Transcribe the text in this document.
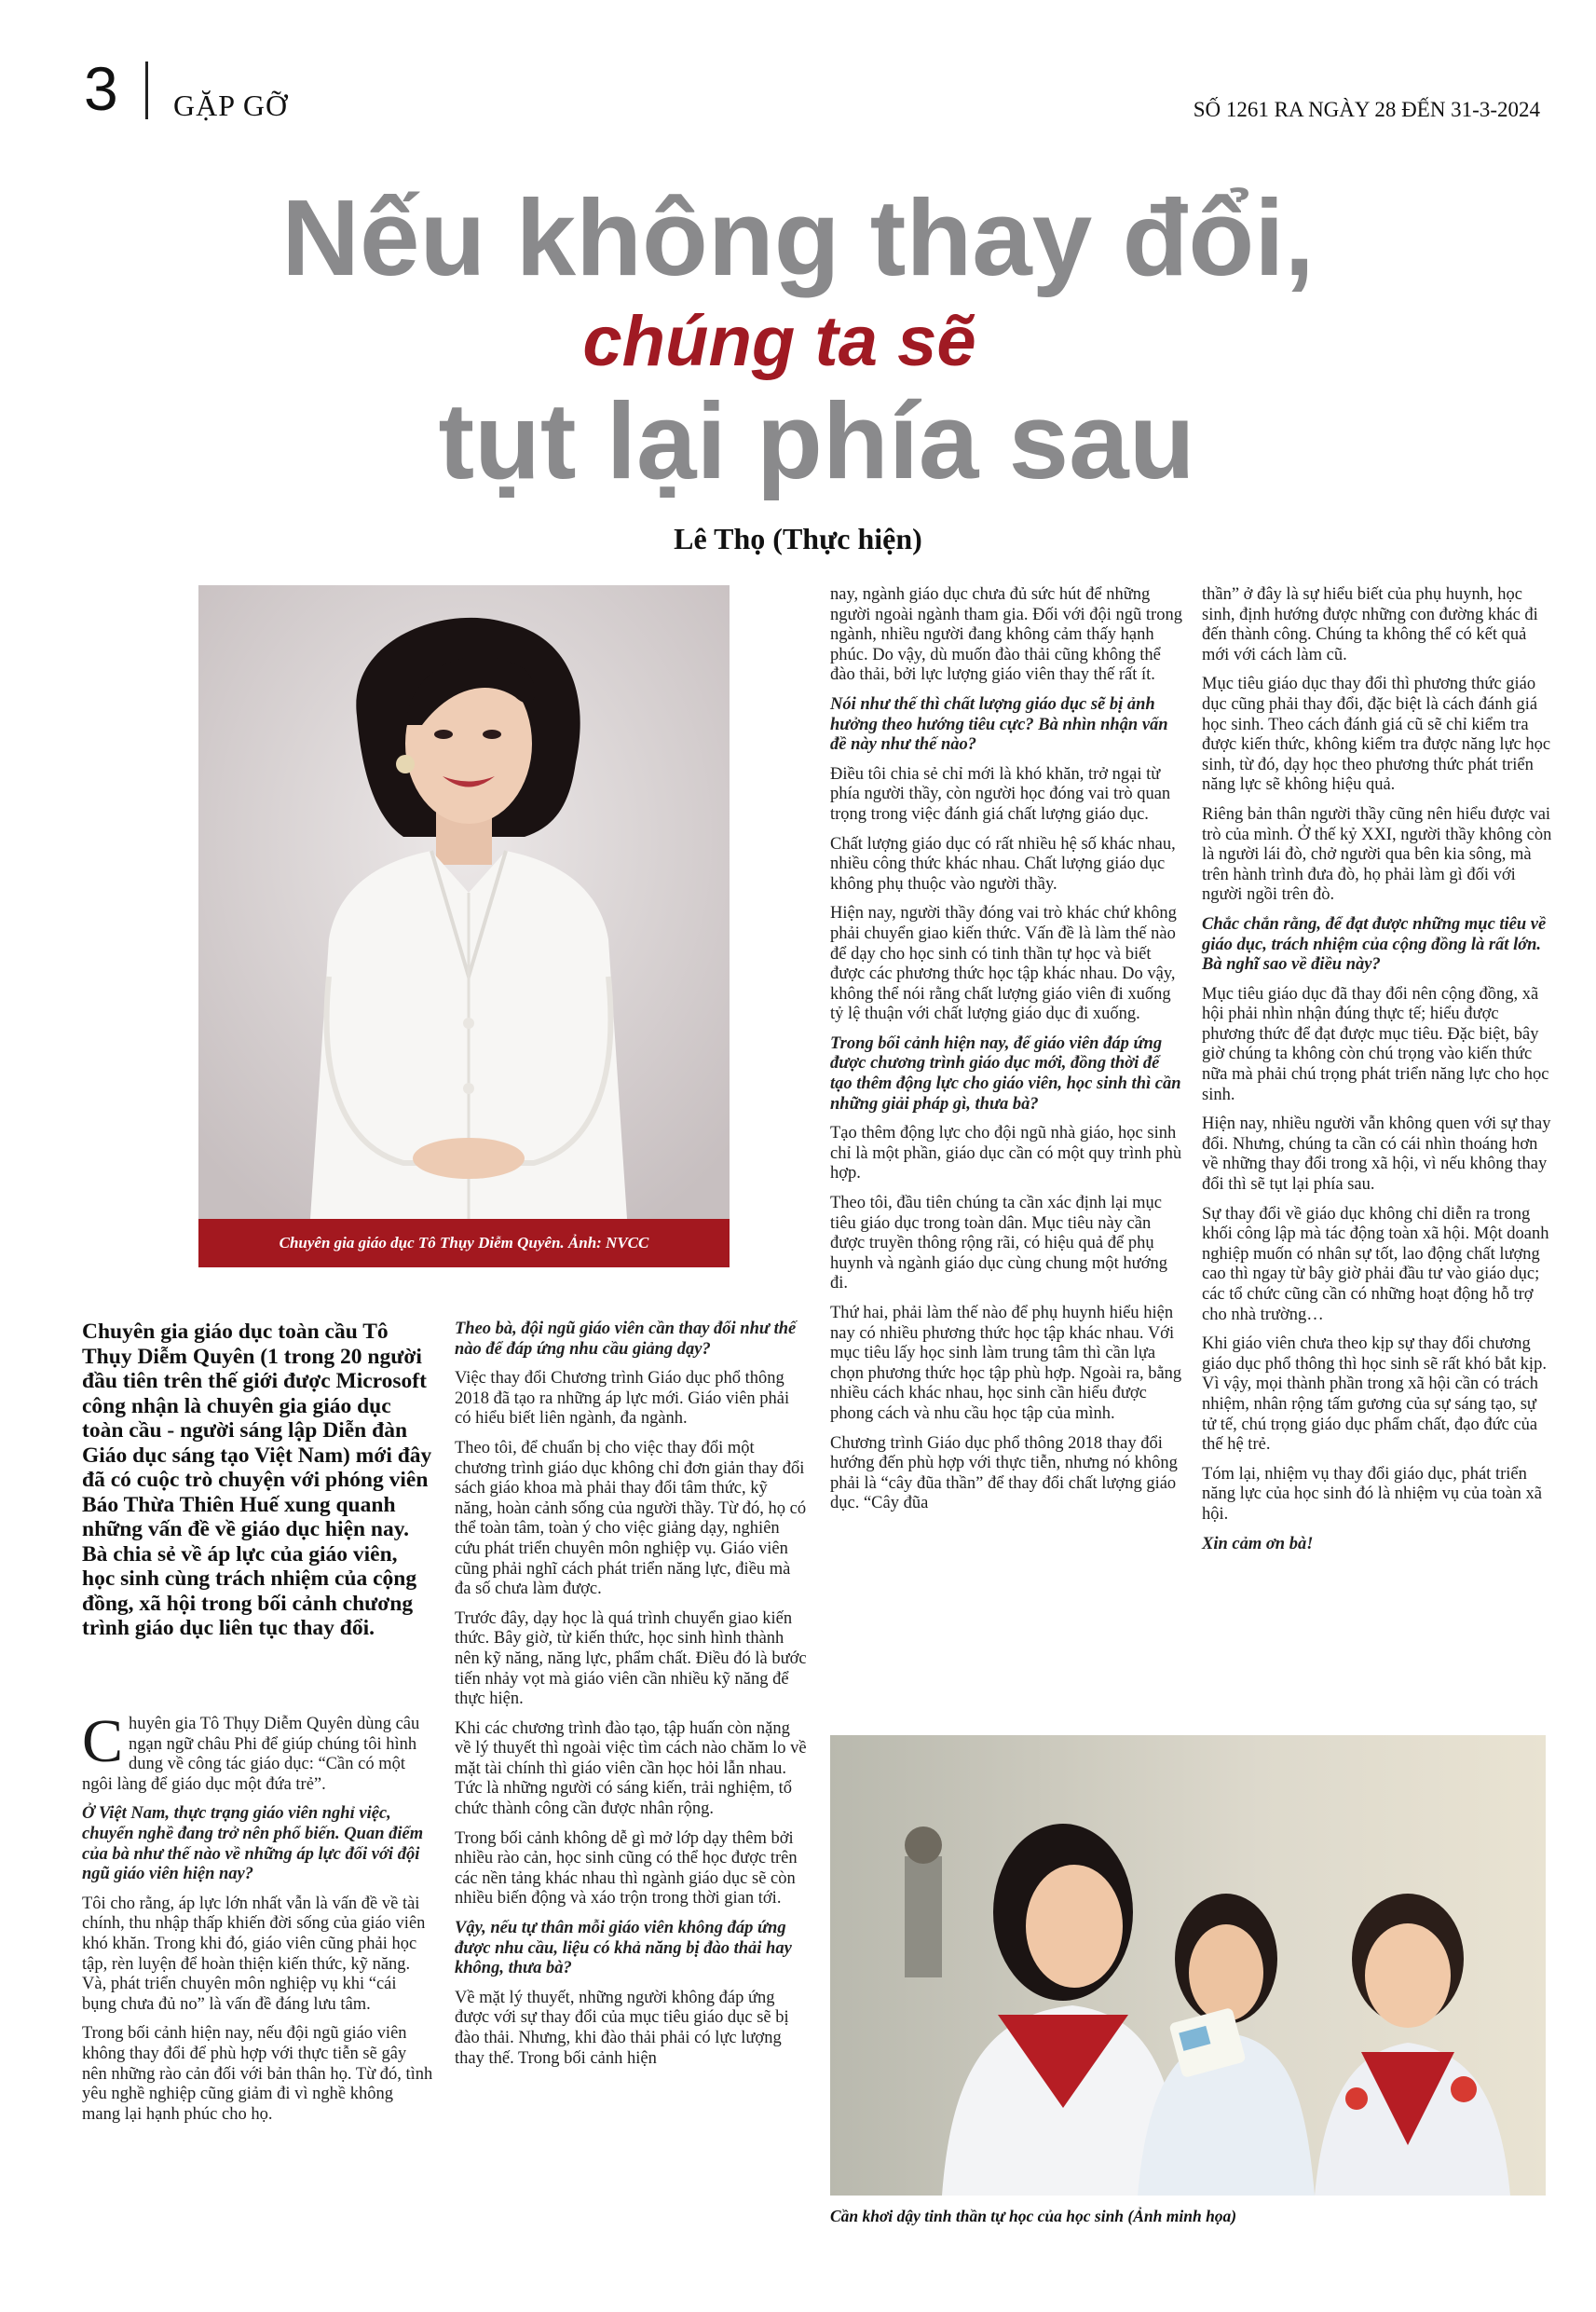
3 GẶP GỠ	SỐ 1261 RA NGÀY 28 ĐẾN 31-3-2024
Nếu không thay đổi,
chúng ta sẽ
tụt lại phía sau
Lê Thọ (Thực hiện)
Chuyên gia giáo dục Tô Thụy Diễm Quyên. Ảnh: NVCC
Chuyên gia giáo dục toàn cầu Tô Thụy Diễm Quyên (1 trong 20 người đầu tiên trên thế giới được Microsoft công nhận là chuyên gia giáo dục toàn cầu - người sáng lập Diễn đàn Giáo dục sáng tạo Việt Nam) mới đây đã có cuộc trò chuyện với phóng viên Báo Thừa Thiên Huế xung quanh những vấn đề về giáo dục hiện nay. Bà chia sẻ về áp lực của giáo viên, học sinh cùng trách nhiệm của cộng đồng, xã hội trong bối cảnh chương trình giáo dục liên tục thay đổi.

Chuyên gia Tô Thụy Diễm Quyên dùng câu ngạn ngữ châu Phi để giúp chúng tôi hình dung về công tác giáo dục: “Cần có một ngôi làng để giáo dục một đứa trẻ”.

Ở Việt Nam, thực trạng giáo viên nghỉ việc, chuyển nghề đang trở nên phổ biến. Quan điểm của bà như thế nào về những áp lực đối với đội ngũ giáo viên hiện nay?

Tôi cho rằng, áp lực lớn nhất vẫn là vấn đề về tài chính, thu nhập thấp khiến đời sống của giáo viên khó khăn. Trong khi đó, giáo viên cũng phải học tập, rèn luyện để hoàn thiện kiến thức, kỹ năng. Và, phát triển chuyên môn nghiệp vụ khi “cái bụng chưa đủ no” là vấn đề đáng lưu tâm.

Trong bối cảnh hiện nay, nếu đội ngũ giáo viên không thay đổi để phù hợp với thực tiễn sẽ gây nên những rào cản đối với bản thân họ. Từ đó, tình yêu nghề nghiệp cũng giảm đi vì nghề không mang lại hạnh phúc cho họ.

Theo bà, đội ngũ giáo viên cần thay đổi như thế nào để đáp ứng nhu cầu giảng dạy?

Việc thay đổi Chương trình Giáo dục phổ thông 2018 đã tạo ra những áp lực mới. Giáo viên phải có hiểu biết liên ngành, đa ngành.

Theo tôi, để chuẩn bị cho việc thay đổi một chương trình giáo dục không chỉ đơn giản thay đổi sách giáo khoa mà phải thay đổi tâm thức, kỹ năng, hoàn cảnh sống của người thầy. Từ đó, họ có thể toàn tâm, toàn ý cho việc giảng dạy, nghiên cứu phát triển chuyên môn nghiệp vụ. Giáo viên cũng phải nghĩ cách phát triển năng lực, điều mà đa số chưa làm được.

Trước đây, dạy học là quá trình chuyển giao kiến thức. Bây giờ, từ kiến thức, học sinh hình thành nên kỹ năng, năng lực, phẩm chất. Điều đó là bước tiến nhảy vọt mà giáo viên cần nhiều kỹ năng để thực hiện.

Khi các chương trình đào tạo, tập huấn còn nặng về lý thuyết thì ngoài việc tìm cách nào chăm lo về mặt tài chính thì giáo viên cần học hỏi lẫn nhau. Tức là những người có sáng kiến, trải nghiệm, tổ chức thành công cần được nhân rộng.

Trong bối cảnh không dễ gì mở lớp dạy thêm bởi nhiều rào cản, học sinh cũng có thể học được trên các nền tảng khác nhau thì ngành giáo dục sẽ còn nhiều biến động và xáo trộn trong thời gian tới.

Vậy, nếu tự thân mỗi giáo viên không đáp ứng được nhu cầu, liệu có khả năng bị đào thải hay không, thưa bà?

Về mặt lý thuyết, những người không đáp ứng được với sự thay đổi của mục tiêu giáo dục sẽ bị đào thải. Nhưng, khi đào thải phải có lực lượng thay thế. Trong bối cảnh hiện

nay, ngành giáo dục chưa đủ sức hút để những người ngoài ngành tham gia. Đối với đội ngũ trong ngành, nhiều người đang không cảm thấy hạnh phúc. Do vậy, dù muốn đào thải cũng không thể đào thải, bởi lực lượng giáo viên thay thế rất ít.

Nói như thế thì chất lượng giáo dục sẽ bị ảnh hưởng theo hướng tiêu cực? Bà nhìn nhận vấn đề này như thế nào?

Điều tôi chia sẻ chỉ mới là khó khăn, trở ngại từ phía người thầy, còn người học đóng vai trò quan trọng trong việc đánh giá chất lượng giáo dục.

Chất lượng giáo dục có rất nhiều hệ số khác nhau, nhiều công thức khác nhau. Chất lượng giáo dục không phụ thuộc vào người thầy.

Hiện nay, người thầy đóng vai trò khác chứ không phải chuyển giao kiến thức. Vấn đề là làm thế nào để dạy cho học sinh có tinh thần tự học và biết được các phương thức học tập khác nhau. Do vậy, không thể nói rằng chất lượng giáo viên đi xuống tỷ lệ thuận với chất lượng giáo dục đi xuống.

Trong bối cảnh hiện nay, để giáo viên đáp ứng được chương trình giáo dục mới, đồng thời để tạo thêm động lực cho giáo viên, học sinh thì cần những giải pháp gì, thưa bà?

Tạo thêm động lực cho đội ngũ nhà giáo, học sinh chỉ là một phần, giáo dục cần có một quy trình phù hợp.

Theo tôi, đầu tiên chúng ta cần xác định lại mục tiêu giáo dục trong toàn dân. Mục tiêu này cần được truyền thông rộng rãi, có hiệu quả để phụ huynh và ngành giáo dục cùng chung một hướng đi.

Thứ hai, phải làm thế nào để phụ huynh hiểu hiện nay có nhiều phương thức học tập khác nhau. Với mục tiêu lấy học sinh làm trung tâm thì cần lựa chọn phương thức học tập phù hợp. Ngoài ra, bằng nhiều cách khác nhau, học sinh cần hiểu được phong cách và nhu cầu học tập của mình.

Chương trình Giáo dục phổ thông 2018 thay đổi hướng đến phù hợp với thực tiễn, nhưng nó không phải là “cây đũa thần” để thay đổi chất lượng giáo dục. “Cây đũa

thần” ở đây là sự hiểu biết của phụ huynh, học sinh, định hướng được những con đường khác đi đến thành công. Chúng ta không thể có kết quả mới với cách làm cũ.

Mục tiêu giáo dục thay đổi thì phương thức giáo dục cũng phải thay đổi, đặc biệt là cách đánh giá học sinh. Theo cách đánh giá cũ sẽ chỉ kiểm tra được kiến thức, không kiểm tra được năng lực học sinh, từ đó, dạy học theo phương thức phát triển năng lực sẽ không hiệu quả.

Riêng bản thân người thầy cũng nên hiểu được vai trò của mình. Ở thế kỷ XXI, người thầy không còn là người lái đò, chở người qua bên kia sông, mà trên hành trình đưa đò, họ phải làm gì đối với người ngồi trên đò.

Chắc chắn rằng, để đạt được những mục tiêu về giáo dục, trách nhiệm của cộng đồng là rất lớn. Bà nghĩ sao về điều này?

Mục tiêu giáo dục đã thay đổi nên cộng đồng, xã hội phải nhìn nhận đúng thực tế; hiểu được phương thức để đạt được mục tiêu. Đặc biệt, bây giờ chúng ta không còn chú trọng vào kiến thức nữa mà phải chú trọng phát triển năng lực cho học sinh.

Hiện nay, nhiều người vẫn không quen với sự thay đổi. Nhưng, chúng ta cần có cái nhìn thoáng hơn về những thay đổi trong xã hội, vì nếu không thay đổi thì sẽ tụt lại phía sau.

Sự thay đổi về giáo dục không chỉ diễn ra trong khối công lập mà tác động toàn xã hội. Một doanh nghiệp muốn có nhân sự tốt, lao động chất lượng cao thì ngay từ bây giờ phải đầu tư vào giáo dục; các tổ chức cũng cần có những hoạt động hỗ trợ cho nhà trường…

Khi giáo viên chưa theo kịp sự thay đổi chương giáo dục phổ thông thì học sinh sẽ rất khó bắt kịp. Vì vậy, mọi thành phần trong xã hội cần có trách nhiệm, nhân rộng tấm gương của sự sáng tạo, sự tử tế, chú trọng giáo dục phẩm chất, đạo đức của thế hệ trẻ.

Tóm lại, nhiệm vụ thay đổi giáo dục, phát triển năng lực của học sinh đó là nhiệm vụ của toàn xã hội.

Xin cảm ơn bà!

Cần khơi dậy tinh thần tự học của học sinh (Ảnh minh họa)
